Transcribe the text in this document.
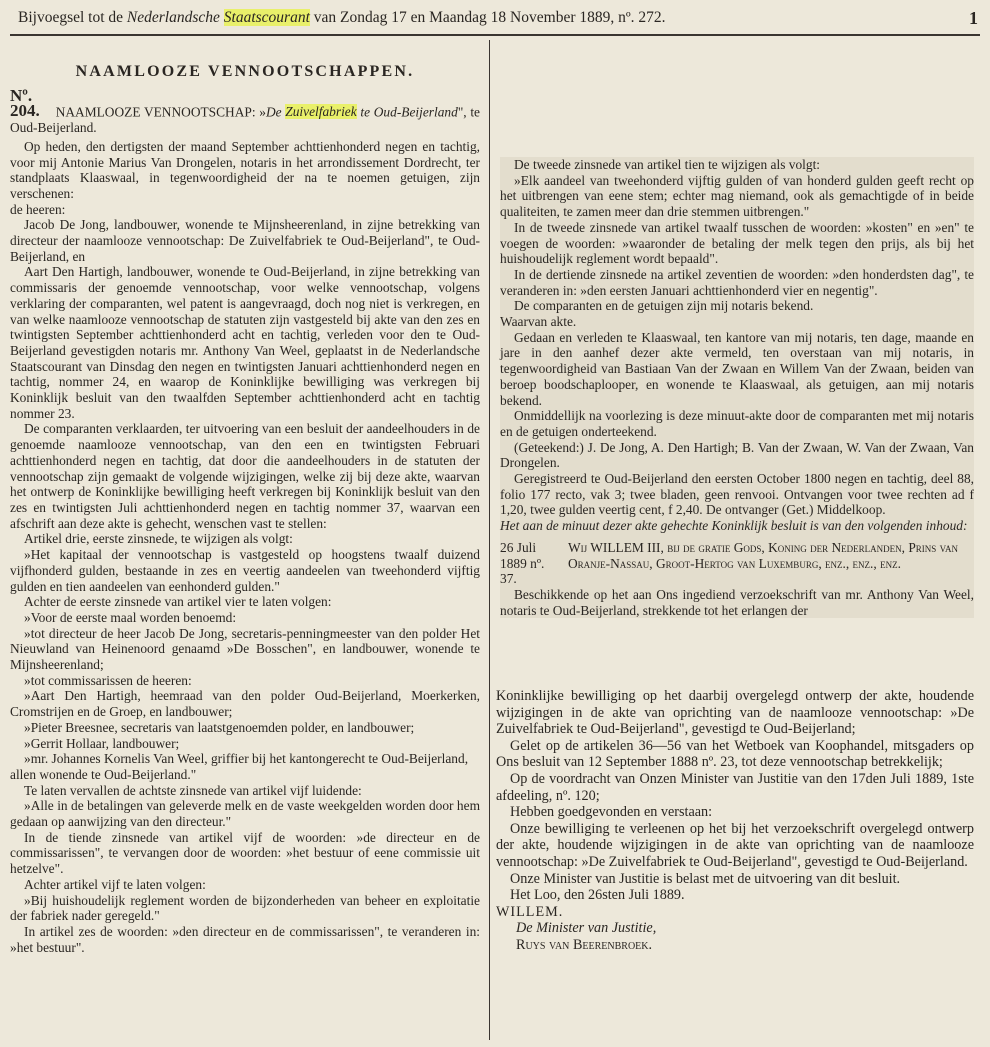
Bijvoegsel tot de Nederlandsche Staatscourant van Zondag 17 en Maandag 18 November 1889, nº. 272.	1
NAAMLOOZE VENNOOTSCHAPPEN.

Nº. 204. NAAMLOOZE VENNOOTSCHAP: »De Zuivelfabriek te Oud-Beijerland", te Oud-Beijerland.

Op heden, den dertigsten der maand September achttienhonderd negen en tachtig, voor mij Antonie Marius Van Drongelen, notaris in het arrondissement Dordrecht, ter standplaats Klaaswaal, in tegenwoordigheid der na te noemen getuigen, zijn verschenen:

de heeren:

Jacob De Jong, landbouwer, wonende te Mijnsheerenland, in zijne betrekking van directeur der naamlooze vennootschap: De Zuivelfabriek te Oud-Beijerland", te Oud-Beijerland, en

Aart Den Hartigh, landbouwer, wonende te Oud-Beijerland, in zijne betrekking van commissaris der genoemde vennootschap, voor welke vennootschap, volgens verklaring der comparanten, wel patent is aangevraagd, doch nog niet is verkregen, en van welke naamlooze vennootschap de statuten zijn vastgesteld bij akte van den zes en twintigsten September achttienhonderd acht en tachtig, verleden voor den te Oud-Beijerland gevestigden notaris mr. Anthony Van Weel, geplaatst in de Nederlandsche Staatscourant van Dinsdag den negen en twintigsten Januari achttienhonderd negen en tachtig, nommer 24, en waarop de Koninklijke bewilliging was verkregen bij Koninklijk besluit van den twaalfden September achttienhonderd acht en tachtig nommer 23.

De comparanten verklaarden, ter uitvoering van een besluit der aandeelhouders in de genoemde naamlooze vennootschap, van den een en twintigsten Februari achttienhonderd negen en tachtig, dat door die aandeelhouders in de statuten der vennootschap zijn gemaakt de volgende wijzigingen, welke zij bij deze akte, waarvan het ontwerp de Koninklijke bewilliging heeft verkregen bij Koninklijk besluit van den zes en twintigsten Juli achttienhonderd negen en tachtig nommer 37, waarvan een afschrift aan deze akte is gehecht, wenschen vast te stellen:

Artikel drie, eerste zinsnede, te wijzigen als volgt:

»Het kapitaal der vennootschap is vastgesteld op hoogstens twaalf duizend vijfhonderd gulden, bestaande in zes en veertig aandeelen van tweehonderd vijftig gulden en tien aandeelen van eenhonderd gulden."

Achter de eerste zinsnede van artikel vier te laten volgen:

»Voor de eerste maal worden benoemd:

»tot directeur de heer Jacob De Jong, secretaris-penningmeester van den polder Het Nieuwland van Heinenoord genaamd »De Bosschen", en landbouwer, wonende te Mijnsheerenland;

»tot commissarissen de heeren:

»Aart Den Hartigh, heemraad van den polder Oud-Beijerland, Moerkerken, Cromstrijen en de Groep, en landbouwer;

»Pieter Breesnee, secretaris van laatstgenoemden polder, en landbouwer;

»Gerrit Hollaar, landbouwer;

»mr. Johannes Kornelis Van Weel, griffier bij het kantongerecht te Oud-Beijerland,

allen wonende te Oud-Beijerland."

Te laten vervallen de achtste zinsnede van artikel vijf luidende:

»Alle in de betalingen van geleverde melk en de vaste weekgelden worden door hem gedaan op aanwijzing van den directeur."

In de tiende zinsnede van artikel vijf de woorden: »de directeur en de commissarissen", te vervangen door de woorden: »het bestuur of eene commissie uit hetzelve".

Achter artikel vijf te laten volgen:

»Bij huishoudelijk reglement worden de bijzonderheden van beheer en exploitatie der fabriek nader geregeld."

In artikel zes de woorden: »den directeur en de commissarissen", te veranderen in: »het bestuur".

De tweede zinsnede van artikel tien te wijzigen als volgt:

»Elk aandeel van tweehonderd vijftig gulden of van honderd gulden geeft recht op het uitbrengen van eene stem; echter mag niemand, ook als gemachtigde of in beide qualiteiten, te zamen meer dan drie stemmen uitbrengen."

In de tweede zinsnede van artikel twaalf tusschen de woorden: »kosten" en »en" te voegen de woorden: »waaronder de betaling der melk tegen den prijs, als bij het huishoudelijk reglement wordt bepaald".

In de dertiende zinsnede na artikel zeventien de woorden: »den honderdsten dag", te veranderen in: »den eersten Januari achttienhonderd vier en negentig".

De comparanten en de getuigen zijn mij notaris bekend.

Waarvan akte.

Gedaan en verleden te Klaaswaal, ten kantore van mij notaris, ten dage, maande en jare in den aanhef dezer akte vermeld, ten overstaan van mij notaris, in tegenwoordigheid van Bastiaan Van der Zwaan en Willem Van der Zwaan, beiden van beroep boodschaplooper, en wonende te Klaaswaal, als getuigen, aan mij notaris bekend.

Onmiddellijk na voorlezing is deze minuut-akte door de comparanten met mij notaris en de getuigen onderteekend.

(Geteekend:) J. De Jong, A. Den Hartigh; B. Van der Zwaan, W. Van der Zwaan, Van Drongelen.

Geregistreerd te Oud-Beijerland den eersten October 1800 negen en tachtig, deel 88, folio 177 recto, vak 3; twee bladen, geen renvooi. Ontvangen voor twee rechten ad f 1,20, twee gulden veertig cent, f 2,40. De ontvanger (Get.) Middelkoop.

Het aan de minuut dezer akte gehechte Koninklijk besluit is van den volgenden inhoud:

26 Juli 1889 nº. 37.
Wij WILLEM III, bij de gratie Gods, Koning der Nederlanden, Prins van Oranje-Nassau, Groot-Hertog van Luxemburg, enz., enz., enz.

Beschikkende op het aan Ons ingediend verzoekschrift van mr. Anthony Van Weel, notaris te Oud-Beijerland, strekkende tot het erlangen der

Koninklijke bewilliging op het daarbij overgelegd ontwerp der akte, houdende wijzigingen in de akte van oprichting van de naamlooze vennootschap: »De Zuivelfabriek te Oud-Beijerland", gevestigd te Oud-Beijerland;

Gelet op de artikelen 36—56 van het Wetboek van Koophandel, mitsgaders op Ons besluit van 12 September 1888 nº. 23, tot deze vennootschap betrekkelijk;

Op de voordracht van Onzen Minister van Justitie van den 17den Juli 1889, 1ste afdeeling, nº. 120;

Hebben goedgevonden en verstaan:

Onze bewilliging te verleenen op het bij het verzoekschrift overgelegd ontwerp der akte, houdende wijzigingen in de akte van oprichting van de naamlooze vennootschap: »De Zuivelfabriek te Oud-Beijerland", gevestigd te Oud-Beijerland.

Onze Minister van Justitie is belast met de uitvoering van dit besluit.

Het Loo, den 26sten Juli 1889.

WILLEM.

De Minister van Justitie,

Ruys van Beerenbroek.
